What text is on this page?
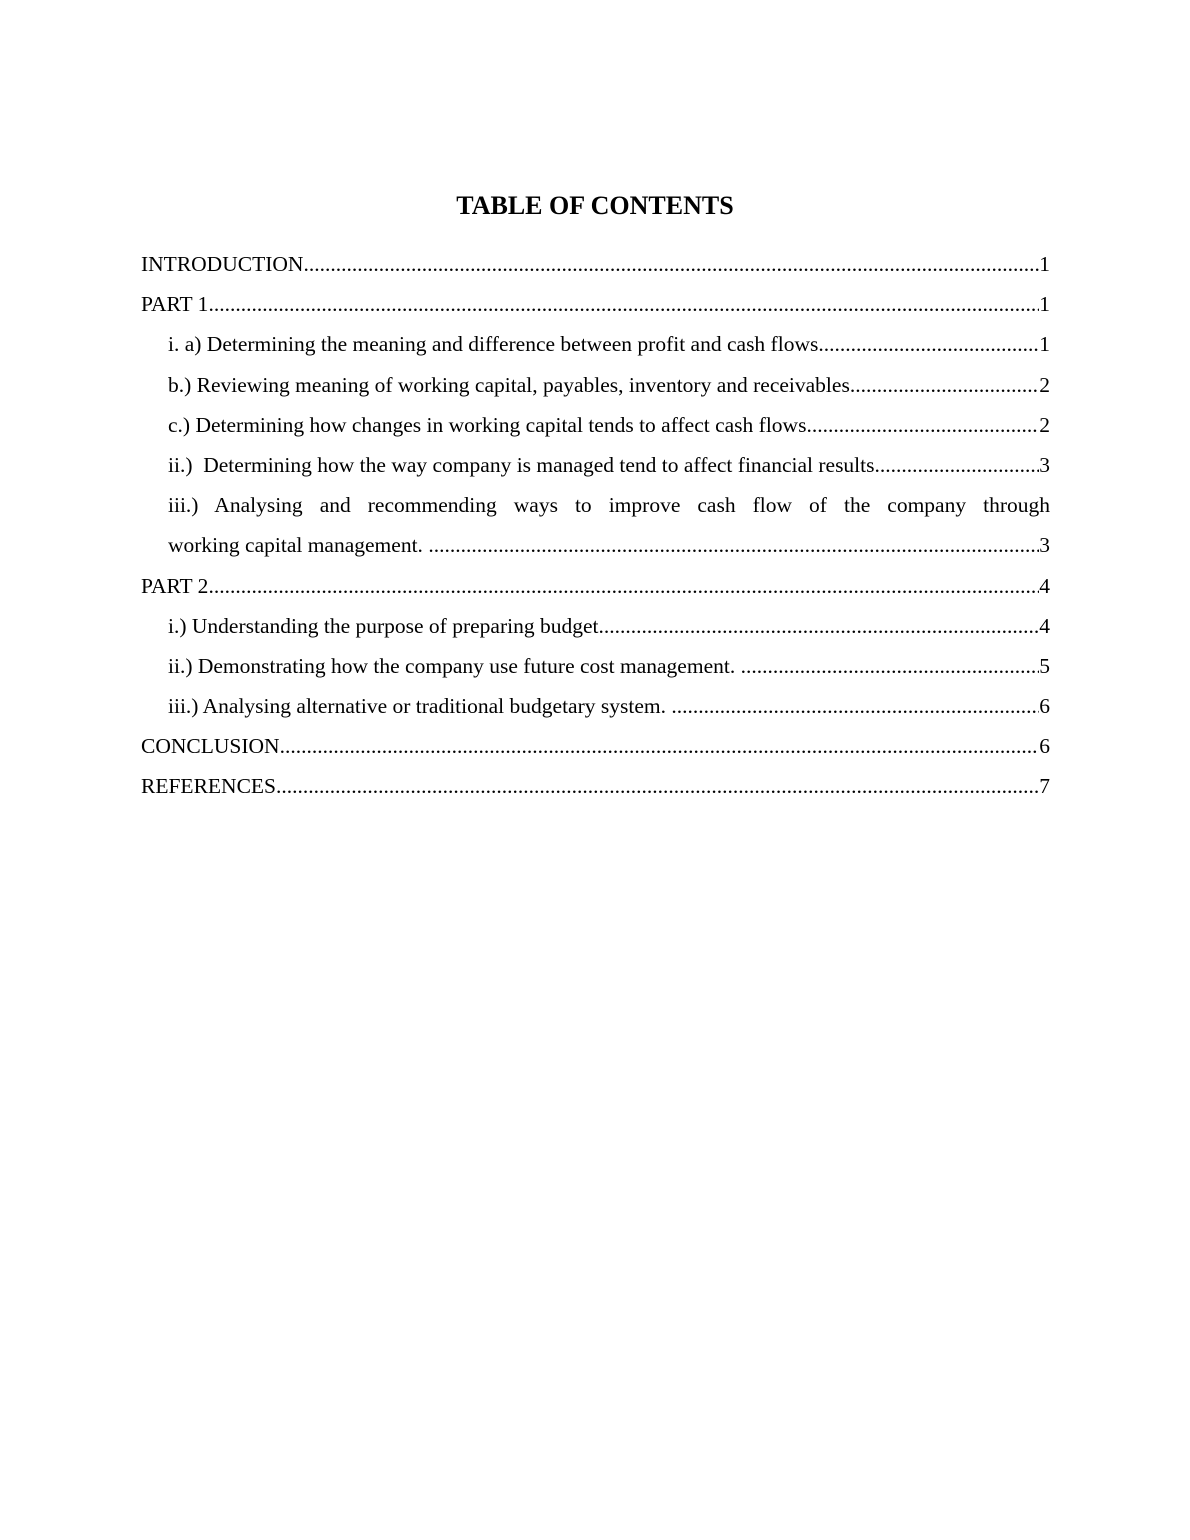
TABLE OF CONTENTS
INTRODUCTION .....	1
PART 1 .....	1
i. a) Determining the meaning and difference between profit and cash flows .....	1
b.) Reviewing meaning of working capital, payables, inventory and receivables .....	2
c.) Determining how changes in working capital tends to affect cash flows .....	2
ii.)  Determining how the way company is managed tend to affect financial results .....	3
iii.) Analysing and recommending ways to improve cash flow of the company through
working capital management. .....	3
PART 2 .....	4
i.) Understanding the purpose of preparing budget .....	4
ii.) Demonstrating how the company use future cost management. .....	5
iii.) Analysing alternative or traditional budgetary system. .....	6
CONCLUSION .....	6
REFERENCES .....	7
